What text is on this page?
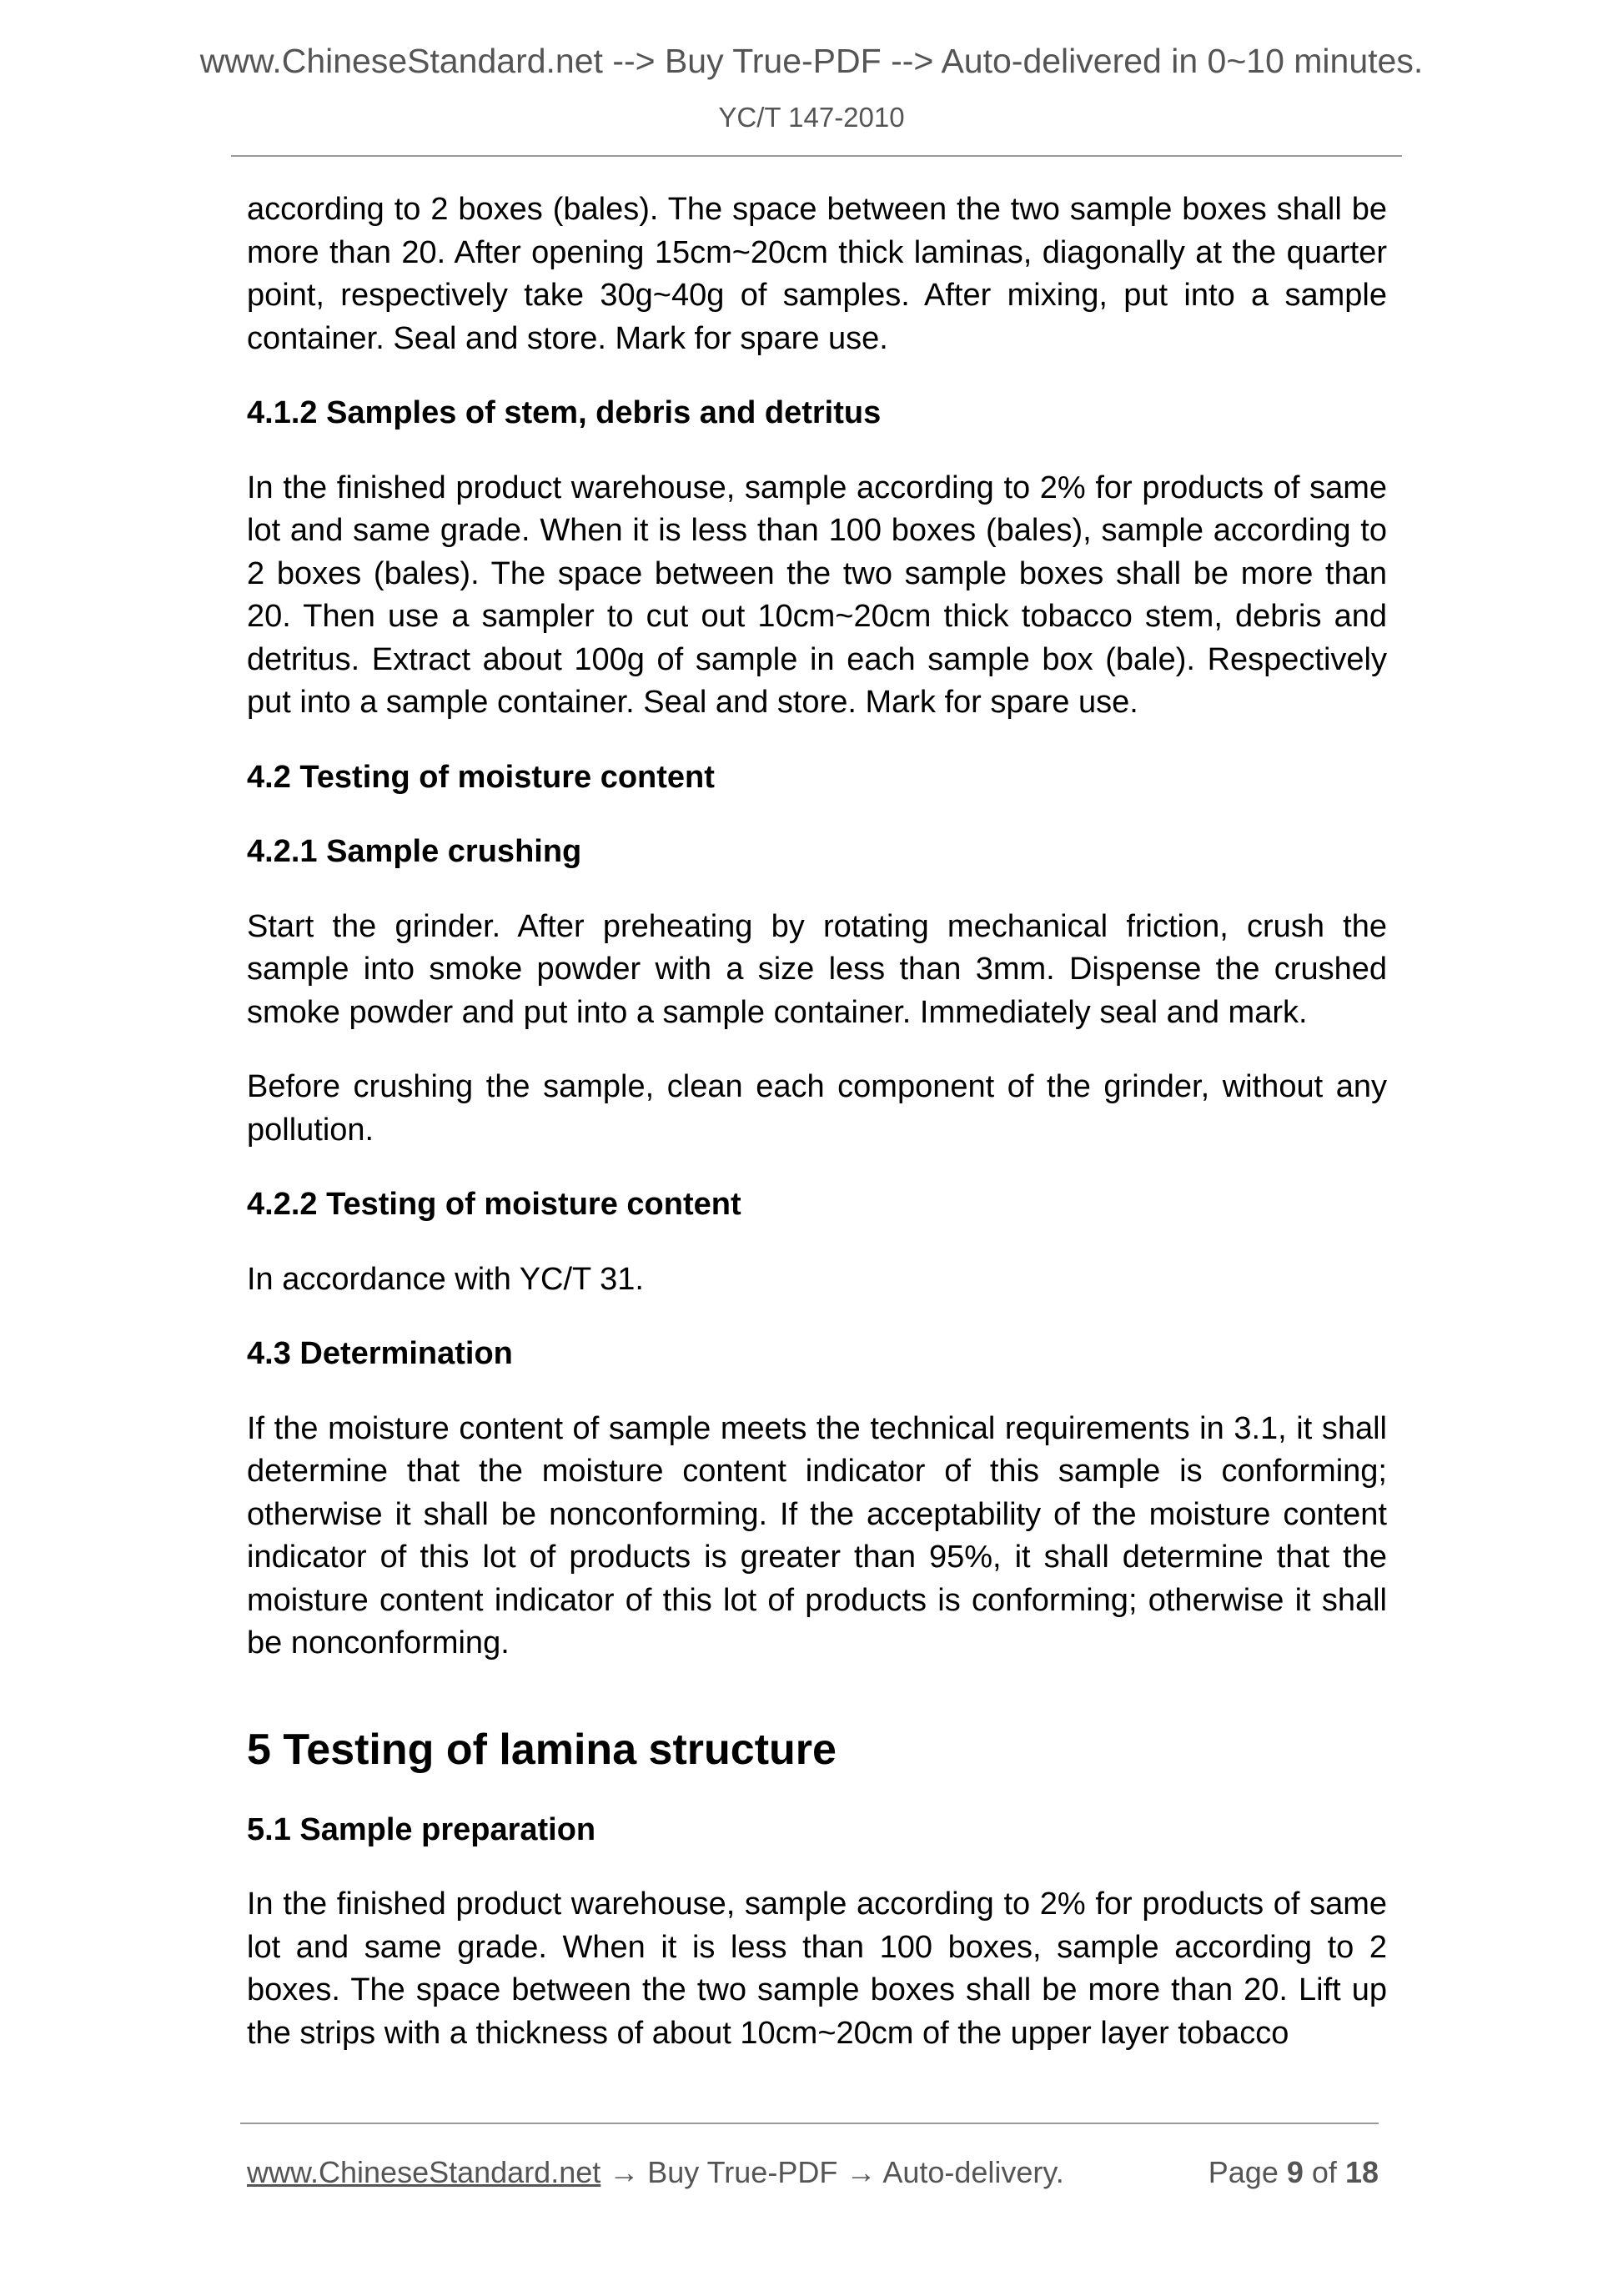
www.ChineseStandard.net --> Buy True-PDF --> Auto-delivered in 0~10 minutes.
YC/T 147-2010

according to 2 boxes (bales). The space between the two sample boxes shall be more than 20. After opening 15cm~20cm thick laminas, diagonally at the quarter point, respectively take 30g~40g of samples. After mixing, put into a sample container. Seal and store. Mark for spare use.

4.1.2 Samples of stem, debris and detritus

In the finished product warehouse, sample according to 2% for products of same lot and same grade. When it is less than 100 boxes (bales), sample according to 2 boxes (bales). The space between the two sample boxes shall be more than 20. Then use a sampler to cut out 10cm~20cm thick tobacco stem, debris and detritus. Extract about 100g of sample in each sample box (bale). Respectively put into a sample container. Seal and store. Mark for spare use.

4.2 Testing of moisture content
4.2.1 Sample crushing

Start the grinder. After preheating by rotating mechanical friction, crush the sample into smoke powder with a size less than 3mm. Dispense the crushed smoke powder and put into a sample container. Immediately seal and mark.

Before crushing the sample, clean each component of the grinder, without any pollution.

4.2.2 Testing of moisture content

In accordance with YC/T 31.

4.3 Determination

If the moisture content of sample meets the technical requirements in 3.1, it shall determine that the moisture content indicator of this sample is conforming; otherwise it shall be nonconforming. If the acceptability of the moisture content indicator of this lot of products is greater than 95%, it shall determine that the moisture content indicator of this lot of products is conforming; otherwise it shall be nonconforming.

5 Testing of lamina structure
5.1 Sample preparation

In the finished product warehouse, sample according to 2% for products of same lot and same grade. When it is less than 100 boxes, sample according to 2 boxes. The space between the two sample boxes shall be more than 20. Lift up the strips with a thickness of about 10cm~20cm of the upper layer tobacco

www.ChineseStandard.net → Buy True-PDF → Auto-delivery.	Page 9 of 18
